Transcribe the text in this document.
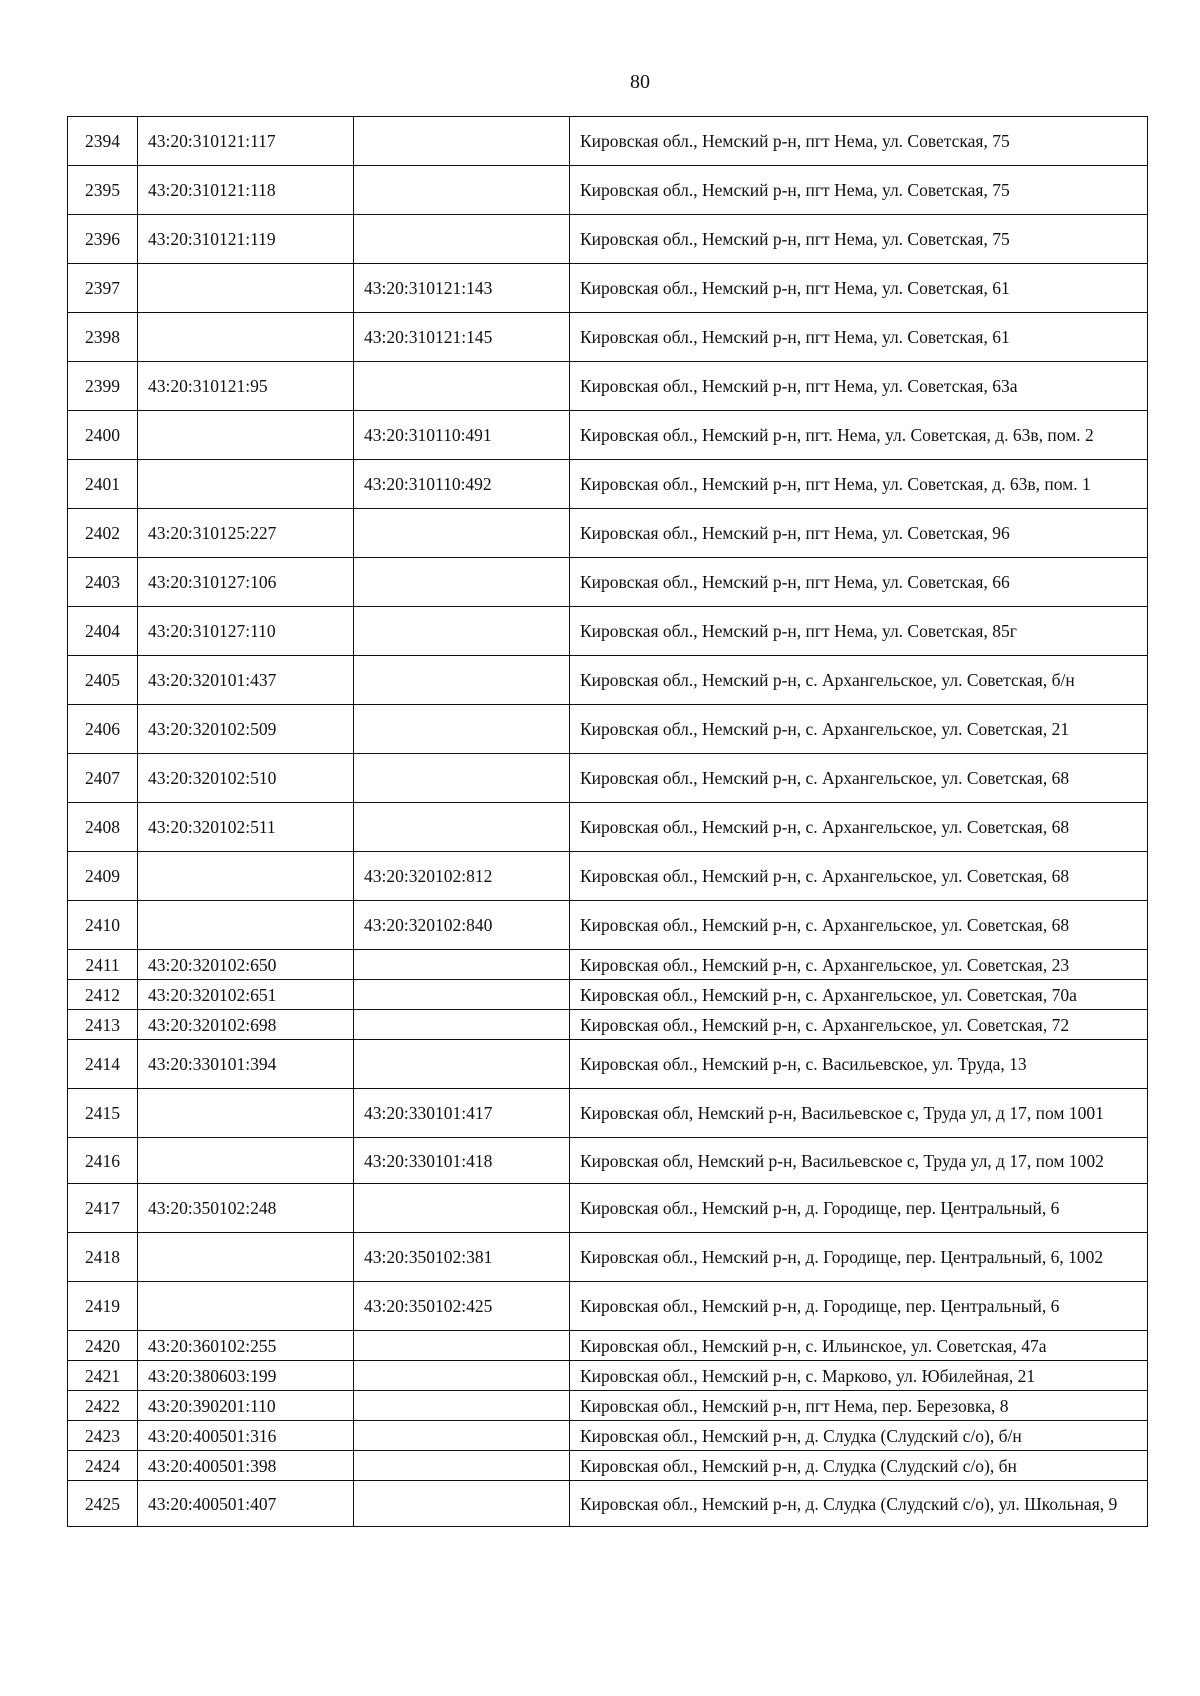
80
2394	43:20:310121:117		Кировская обл., Немский р-н, пгт Нема, ул. Советская, 75
2395	43:20:310121:118		Кировская обл., Немский р-н, пгт Нема, ул. Советская, 75
2396	43:20:310121:119		Кировская обл., Немский р-н, пгт Нема, ул. Советская, 75
2397		43:20:310121:143	Кировская обл., Немский р-н, пгт Нема, ул. Советская, 61
2398		43:20:310121:145	Кировская обл., Немский р-н, пгт Нема, ул. Советская, 61
2399	43:20:310121:95		Кировская обл., Немский р-н, пгт Нема, ул. Советская, 63а
2400		43:20:310110:491	Кировская обл., Немский р-н, пгт. Нема, ул. Советская, д. 63в, пом. 2
2401		43:20:310110:492	Кировская обл., Немский р-н, пгт Нема, ул. Советская, д. 63в, пом. 1
2402	43:20:310125:227		Кировская обл., Немский р-н, пгт Нема, ул. Советская, 96
2403	43:20:310127:106		Кировская обл., Немский р-н, пгт Нема, ул. Советская, 66
2404	43:20:310127:110		Кировская обл., Немский р-н, пгт Нема, ул. Советская, 85г
2405	43:20:320101:437		Кировская обл., Немский р-н, с. Архангельское, ул. Советская, б/н
2406	43:20:320102:509		Кировская обл., Немский р-н, с. Архангельское, ул. Советская, 21
2407	43:20:320102:510		Кировская обл., Немский р-н, с. Архангельское, ул. Советская, 68
2408	43:20:320102:511		Кировская обл., Немский р-н, с. Архангельское, ул. Советская, 68
2409		43:20:320102:812	Кировская обл., Немский р-н, с. Архангельское, ул. Советская, 68
2410		43:20:320102:840	Кировская обл., Немский р-н, с. Архангельское, ул. Советская, 68
2411	43:20:320102:650		Кировская обл., Немский р-н, с. Архангельское, ул. Советская, 23
2412	43:20:320102:651		Кировская обл., Немский р-н, с. Архангельское, ул. Советская, 70а
2413	43:20:320102:698		Кировская обл., Немский р-н, с. Архангельское, ул. Советская, 72
2414	43:20:330101:394		Кировская обл., Немский р-н, с. Васильевское, ул. Труда, 13
2415		43:20:330101:417	Кировская обл, Немский р-н, Васильевское с, Труда ул, д 17, пом 1001
2416		43:20:330101:418	Кировская обл, Немский р-н, Васильевское с, Труда ул, д 17, пом 1002
2417	43:20:350102:248		Кировская обл., Немский р-н, д. Городище, пер. Центральный, 6
2418		43:20:350102:381	Кировская обл., Немский р-н, д. Городище, пер. Центральный, 6, 1002
2419		43:20:350102:425	Кировская обл., Немский р-н, д. Городище, пер. Центральный, 6
2420	43:20:360102:255		Кировская обл., Немский р-н, с. Ильинское, ул. Советская, 47а
2421	43:20:380603:199		Кировская обл., Немский р-н, с. Марково, ул. Юбилейная, 21
2422	43:20:390201:110		Кировская обл., Немский р-н, пгт Нема, пер. Березовка, 8
2423	43:20:400501:316		Кировская обл., Немский р-н, д. Слудка (Слудский с/о), б/н
2424	43:20:400501:398		Кировская обл., Немский р-н, д. Слудка (Слудский с/о), бн
2425	43:20:400501:407		Кировская обл., Немский р-н, д. Слудка (Слудский с/о), ул. Школьная, 9
